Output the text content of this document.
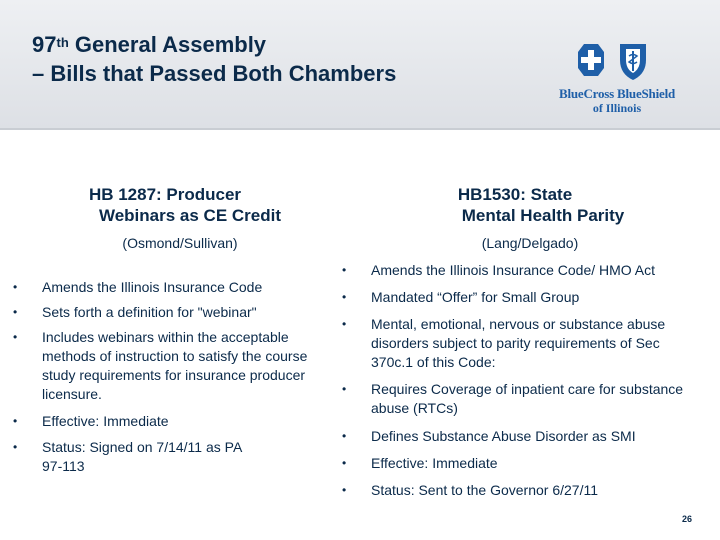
97th General Assembly
– Bills that Passed Both Chambers
BlueCross BlueShield
of Illinois
HB 1287: Producer
Webinars as CE Credit
(Osmond/Sullivan)
HB1530: State
Mental Health Parity
(Lang/Delgado)
•	Amends the Illinois Insurance Code
•	Sets forth a definition for "webinar"
•	Includes webinars within the acceptable methods of instruction to satisfy the course study requirements for insurance producer licensure.
•	Effective: Immediate
•	Status: Signed on 7/14/11 as PA 97-113
•	Amends the Illinois Insurance Code/ HMO Act
•	Mandated “Offer” for Small Group
•	Mental, emotional, nervous or substance abuse disorders subject to parity requirements of Sec 370c.1 of this Code:
•	Requires Coverage of inpatient care for substance abuse (RTCs)
•	Defines Substance Abuse Disorder as SMI
•	Effective: Immediate
•	Status: Sent to the Governor 6/27/11
26
